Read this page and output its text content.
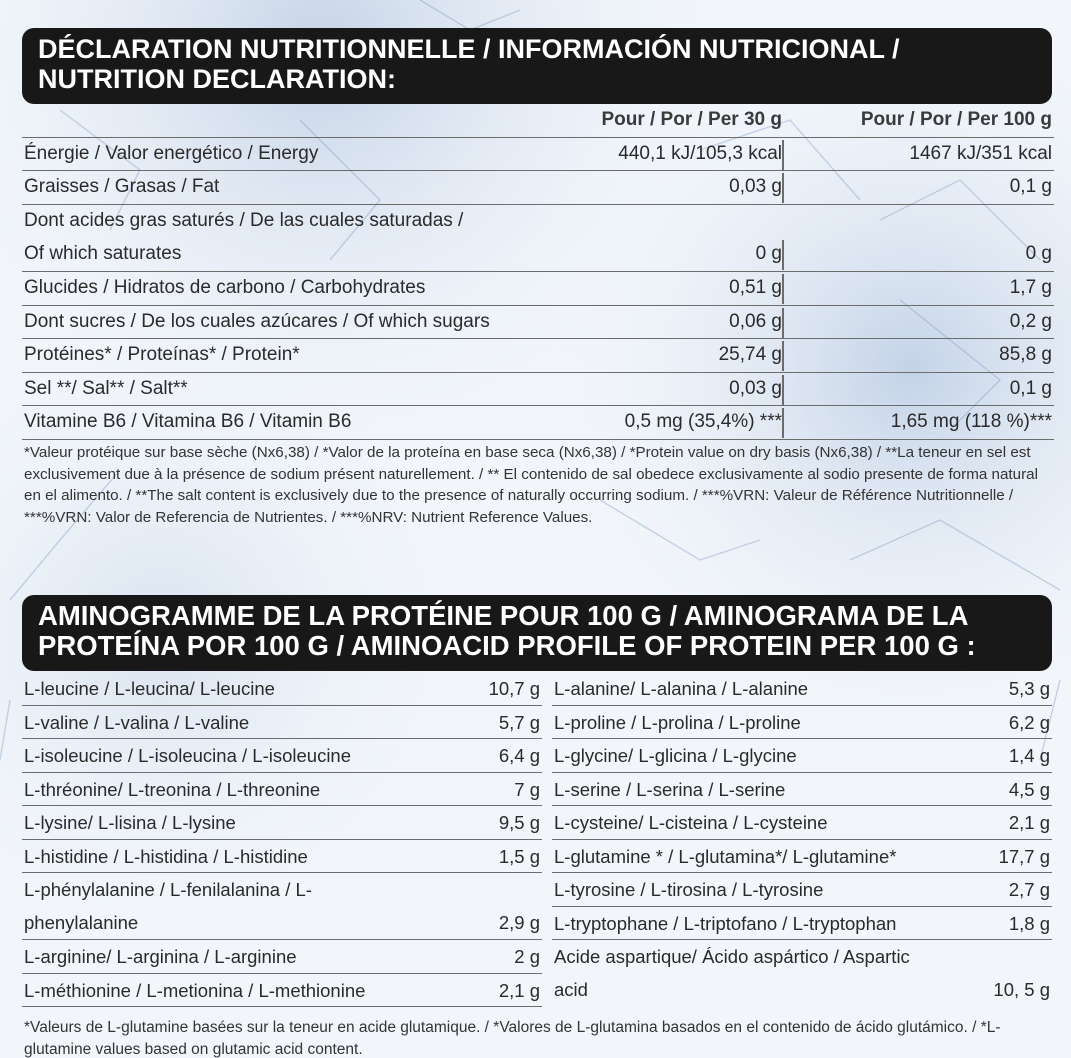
DÉCLARATION NUTRITIONNELLE / INFORMACIÓN NUTRICIONAL /
NUTRITION DECLARATION:
Pour / Por / Per 30 g	Pour / Por / Per 100 g
Énergie / Valor energético / Energy	440,1 kJ/105,3 kcal	1467 kJ/351 kcal
Graisses / Grasas / Fat	0,03 g	0,1 g
Dont acides gras saturés / De las cuales saturadas /
Of which saturates	0 g	0 g
Glucides / Hidratos de carbono / Carbohydrates	0,51 g	1,7 g
Dont sucres / De los cuales azúcares / Of which sugars	0,06 g	0,2 g
Protéines* / Proteínas* / Protein*	25,74 g	85,8 g
Sel **/ Sal** / Salt**	0,03 g	0,1 g
Vitamine B6 / Vitamina B6 / Vitamin B6	0,5 mg (35,4%) ***	1,65 mg (118 %)***

*Valeur protéique sur base sèche (Nx6,38) / *Valor de la proteína en base seca (Nx6,38) / *Protein value on dry basis (Nx6,38) / **La teneur en sel est exclusivement due à la présence de sodium présent naturellement. / ** El contenido de sal obedece exclusivamente al sodio presente de forma natural en el alimento. / **The salt content is exclusively due to the presence of naturally occurring sodium. / ***%VRN: Valeur de Référence Nutritionnelle / ***%VRN: Valor de Referencia de Nutrientes. / ***%NRV: Nutrient Reference Values.

AMINOGRAMME DE LA PROTÉINE POUR 100 G / AMINOGRAMA DE LA
PROTEÍNA POR 100 G / AMINOACID PROFILE OF PROTEIN PER 100 G :
L-leucine / L-leucina/ L-leucine	10,7 g
L-valine / L-valina / L-valine	5,7 g
L-isoleucine / L-isoleucina / L-isoleucine	6,4 g
L-thréonine/ L-treonina / L-threonine	7 g
L-lysine/ L-lisina / L-lysine	9,5 g
L-histidine / L-histidina / L-histidine	1,5 g
L-phénylalanine / L-fenilalanina / L-phenylalanine	2,9 g
L-arginine/ L-arginina / L-arginine	2 g
L-méthionine / L-metionina / L-methionine	2,1 g
L-alanine/ L-alanina / L-alanine	5,3 g
L-proline / L-prolina / L-proline	6,2 g
L-glycine/ L-glicina / L-glycine	1,4 g
L-serine / L-serina / L-serine	4,5 g
L-cysteine/ L-cisteina / L-cysteine	2,1 g
L-glutamine * / L-glutamina*/ L-glutamine*	17,7 g
L-tyrosine / L-tirosina / L-tyrosine	2,7 g
L-tryptophane / L-triptofano / L-tryptophan	1,8 g
Acide aspartique/ Ácido aspártico / Aspartic acid	10, 5 g

*Valeurs de L-glutamine basées sur la teneur en acide glutamique. / *Valores de L-glutamina basados en el contenido de ácido glutámico. / *L-glutamine values based on glutamic acid content.
